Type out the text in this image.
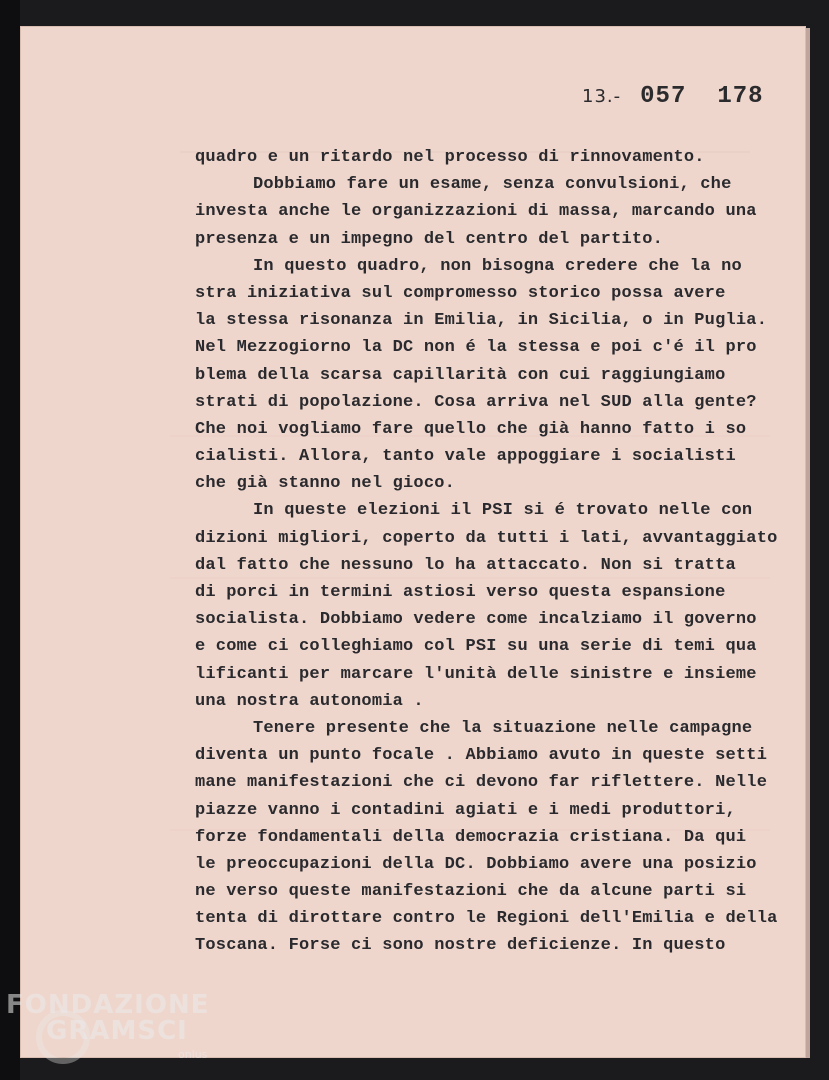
13.- 057 178
quadro e un ritardo nel processo di rinnovamento.
Dobbiamo fare un esame, senza convulsioni, che
investa anche le organizzazioni di massa, marcando una
presenza e un impegno del centro del partito.
In questo quadro, non bisogna credere che la no
stra iniziativa sul compromesso storico possa avere
la stessa risonanza in Emilia, in Sicilia, o in Puglia.
Nel Mezzogiorno la DC non é la stessa e poi c'é il pro
blema della scarsa capillarità con cui raggiungiamo
strati di popolazione. Cosa arriva nel SUD alla gente?
Che noi vogliamo fare quello che già hanno fatto i so
cialisti. Allora, tanto vale appoggiare i socialisti
che già stanno nel gioco.
In queste elezioni il PSI si é trovato nelle con
dizioni migliori, coperto da tutti i lati, avvantaggiato
dal fatto che nessuno lo ha attaccato. Non si tratta
di porci in termini astiosi verso questa espansione
socialista. Dobbiamo vedere come incalziamo il governo
e come ci colleghiamo col PSI su una serie di temi qua
lificanti per marcare l'unità delle sinistre e insieme
una nostra autonomia .
Tenere presente che la situazione nelle campagne
diventa un punto focale . Abbiamo avuto in queste setti
mane manifestazioni che ci devono far riflettere. Nelle
piazze vanno i contadini agiati e i medi produttori,
forze fondamentali della democrazia cristiana. Da qui
le preoccupazioni della DC. Dobbiamo avere una posizio
ne verso queste manifestazioni che da alcune parti si
tenta di dirottare contro le Regioni dell'Emilia e della
Toscana. Forse ci sono nostre deficienze. In questo
FONDAZIONE
GRAMSCI
onlus
